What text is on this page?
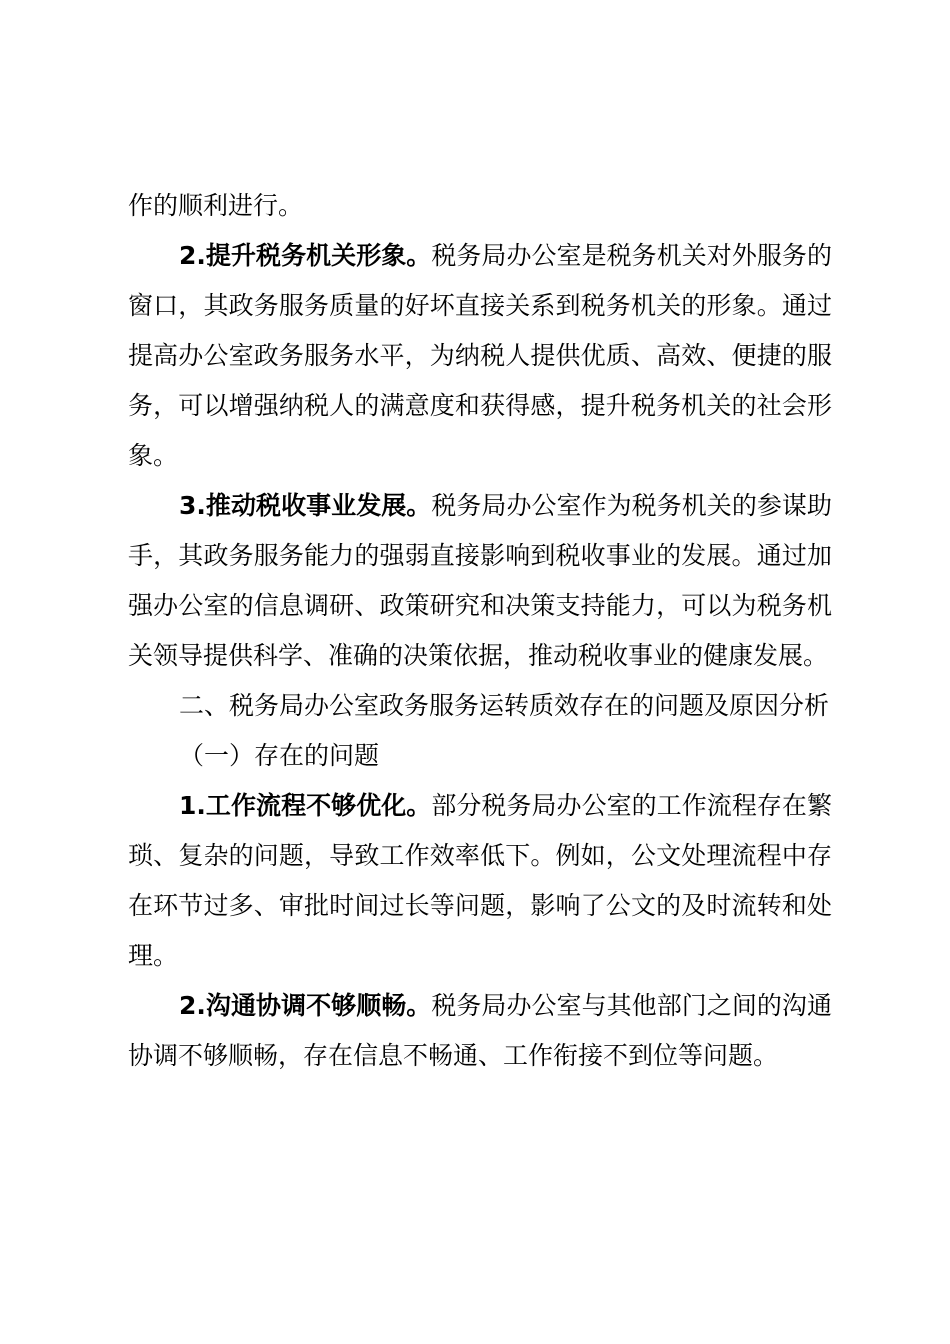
作的顺利进行。

2.提升税务机关形象。税务局办公室是税务机关对外服务的窗口，其政务服务质量的好坏直接关系到税务机关的形象。通过提高办公室政务服务水平，为纳税人提供优质、高效、便捷的服务，可以增强纳税人的满意度和获得感，提升税务机关的社会形象。

3.推动税收事业发展。税务局办公室作为税务机关的参谋助手，其政务服务能力的强弱直接影响到税收事业的发展。通过加强办公室的信息调研、政策研究和决策支持能力，可以为税务机关领导提供科学、准确的决策依据，推动税收事业的健康发展。

二、税务局办公室政务服务运转质效存在的问题及原因分析

（一）存在的问题

1.工作流程不够优化。部分税务局办公室的工作流程存在繁琐、复杂的问题，导致工作效率低下。例如，公文处理流程中存在环节过多、审批时间过长等问题，影响了公文的及时流转和处理。

2.沟通协调不够顺畅。税务局办公室与其他部门之间的沟通协调不够顺畅，存在信息不畅通、工作衔接不到位等问题。
